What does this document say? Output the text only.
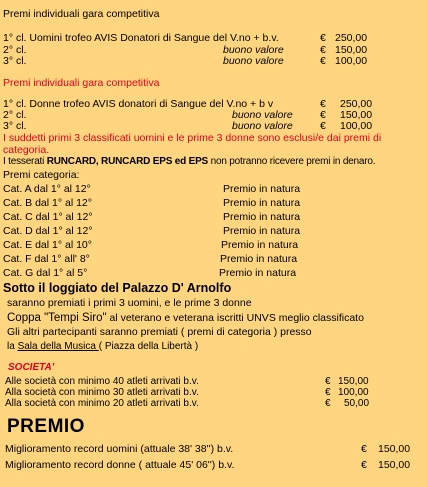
Premi individuali gara competitiva
1° cl. Uomini trofeo AVIS Donatori di Sangue del V.no + b.v.	€ 250,00
2° cl.	buono valore	€ 150,00
3° cl.	buono valore	€ 100,00
Premi individuali gara competitiva
1° cl. Donne trofeo AVIS donatori di Sangue del V.no + b v	€ 250,00
2° cl.	buono valore	€ 150,00
3° cl.	buono valore	€ 100,00
I suddetti primi 3 classificati uomini e le prime 3 donne sono esclusi/e dai premi di categoria.
I tesserati RUNCARD, RUNCARD EPS ed EPS non potranno ricevere premi in denaro.
Premi categoria:
Cat. A dal 1° al 12°	Premio in natura
Cat. B dal 1° al 12°	Premio in natura
Cat. C dal 1° al 12°	Premio in natura
Cat. D dal 1° al 12°	Premio in natura
Cat. E dal 1° al 10°	Premio in natura
Cat. F dal 1° all' 8°	Premio in natura
Cat. G dal 1° al 5°	Premio in natura
Sotto il loggiato del Palazzo D' Arnolfo
saranno premiati i primi 3 uomini, e le prime 3 donne
Coppa "Tempi Siro" al veterano e veterana iscritti UNVS meglio classificato
Gli altri partecipanti saranno premiati ( premi di categoria ) presso
la Sala della Musica ( Piazza della Libertà )
SOCIETA'
Alle società con minimo 40 atleti arrivati b.v.	€ 150,00
Alla società con minimo 30 atleti arrivati b.v.	€ 100,00
Alla società con minimo 20 atleti arrivati b.v.	€ 50,00
PREMIO
Miglioramento record uomini (attuale 38' 38'') b.v.	€ 150,00
Miglioramento record donne ( attuale 45' 06'') b.v.	€ 150,00
